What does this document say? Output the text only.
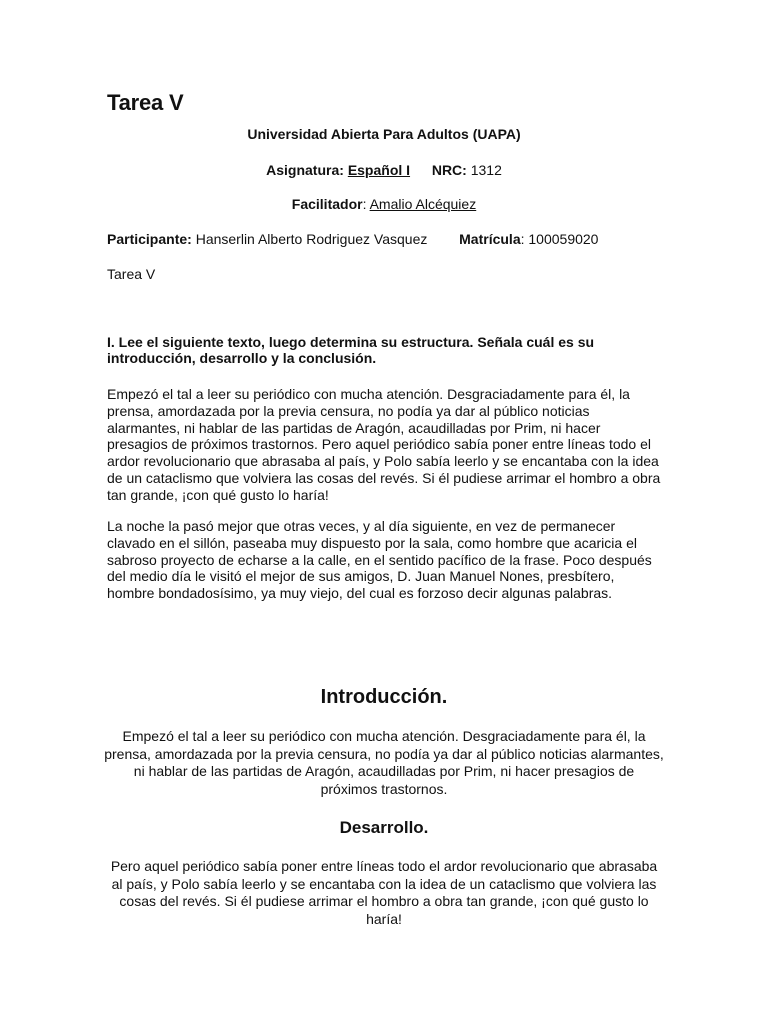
Tarea V
Universidad Abierta Para Adultos (UAPA)
Asignatura: Español I NRC: 1312
Facilitador: Amalio Alcéquiez
Participante: Hanserlin Alberto Rodriguez Vasquez Matrícula: 100059020
Tarea V

I. Lee el siguiente texto, luego determina su estructura. Señala cuál es su introducción, desarrollo y la conclusión.

Empezó el tal a leer su periódico con mucha atención. Desgraciadamente para él, la prensa, amordazada por la previa censura, no podía ya dar al público noticias alarmantes, ni hablar de las partidas de Aragón, acaudilladas por Prim, ni hacer presagios de próximos trastornos. Pero aquel periódico sabía poner entre líneas todo el ardor revolucionario que abrasaba al país, y Polo sabía leerlo y se encantaba con la idea de un cataclismo que volviera las cosas del revés. Si él pudiese arrimar el hombro a obra tan grande, ¡con qué gusto lo haría!

La noche la pasó mejor que otras veces, y al día siguiente, en vez de permanecer clavado en el sillón, paseaba muy dispuesto por la sala, como hombre que acaricia el sabroso proyecto de echarse a la calle, en el sentido pacífico de la frase. Poco después del medio día le visitó el mejor de sus amigos, D. Juan Manuel Nones, presbítero, hombre bondadosísimo, ya muy viejo, del cual es forzoso decir algunas palabras.

Introducción.

Empezó el tal a leer su periódico con mucha atención. Desgraciadamente para él, la prensa, amordazada por la previa censura, no podía ya dar al público noticias alarmantes, ni hablar de las partidas de Aragón, acaudilladas por Prim, ni hacer presagios de próximos trastornos.

Desarrollo.

Pero aquel periódico sabía poner entre líneas todo el ardor revolucionario que abrasaba al país, y Polo sabía leerlo y se encantaba con la idea de un cataclismo que volviera las cosas del revés. Si él pudiese arrimar el hombro a obra tan grande, ¡con qué gusto lo haría!
